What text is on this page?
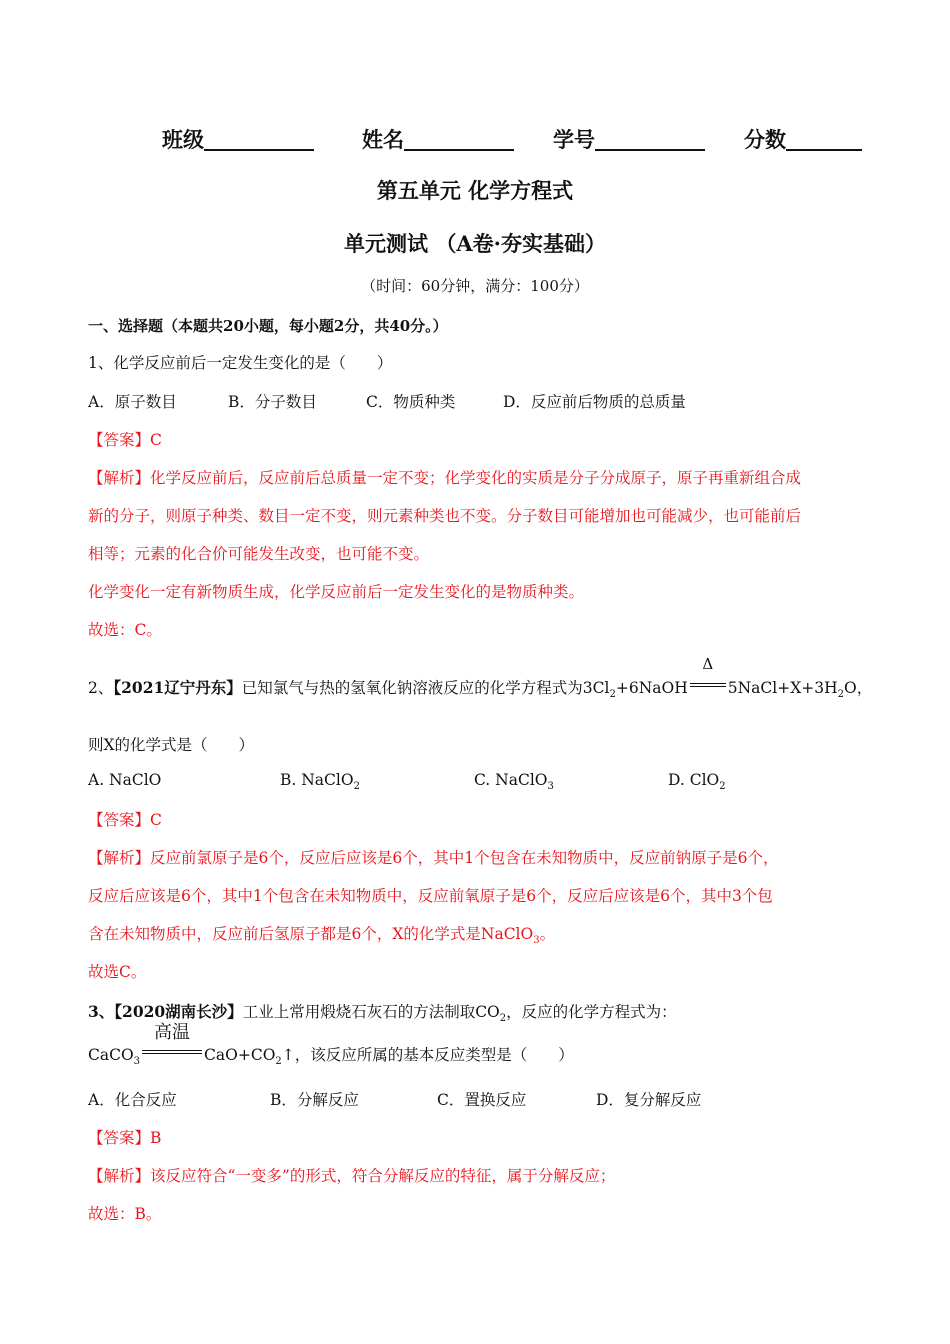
班级	姓名	学号	分数
第五单元 化学方程式
单元测试 （A卷·夯实基础）
（时间：60分钟，满分：100分）
一、选择题（本题共20小题，每小题2分，共40分。）
1、化学反应前后一定发生变化的是（　　）
A．原子数目	B．分子数目	C．物质种类	D．反应前后物质的总质量
【答案】C
【解析】化学反应前后，反应前后总质量一定不变；化学变化的实质是分子分成原子，原子再重新组合成
新的分子，则原子种类、数目一定不变，则元素种类也不变。分子数目可能增加也可能减少，也可能前后
相等；元素的化合价可能发生改变，也可能不变。
化学变化一定有新物质生成，化学反应前后一定发生变化的是物质种类。
故选：C。
2、【2021辽宁丹东】已知氯气与热的氢氧化钠溶液反应的化学方程式为$3Cl_2+6NaOH$
Δ
$5NaCl+X+3H_2O$，
则X的化学式是（　　）
A. NaClO	B. NaClO$_2$	C. NaClO$_3$	D. ClO$_2$
【答案】C
【解析】反应前氯原子是6个，反应后应该是6个，其中1个包含在未知物质中，反应前钠原子是6个，
反应后应该是6个，其中1个包含在未知物质中，反应前氧原子是6个，反应后应该是6个，其中3个包
含在未知物质中，反应前后氢原子都是6个，X的化学式是NaClO$_3$。
故选C。
3、【2020湖南长沙】工业上常用煅烧石灰石的方法制取$CO_2$，反应的化学方程式为：
CaCO$_3$
高温
$CaO+CO_2↑$，该反应所属的基本反应类型是（　　）
A．化合反应	B．分解反应	C．置换反应	D．复分解反应
【答案】B
【解析】该反应符合“一变多”的形式，符合分解反应的特征，属于分解反应；
故选：B。
